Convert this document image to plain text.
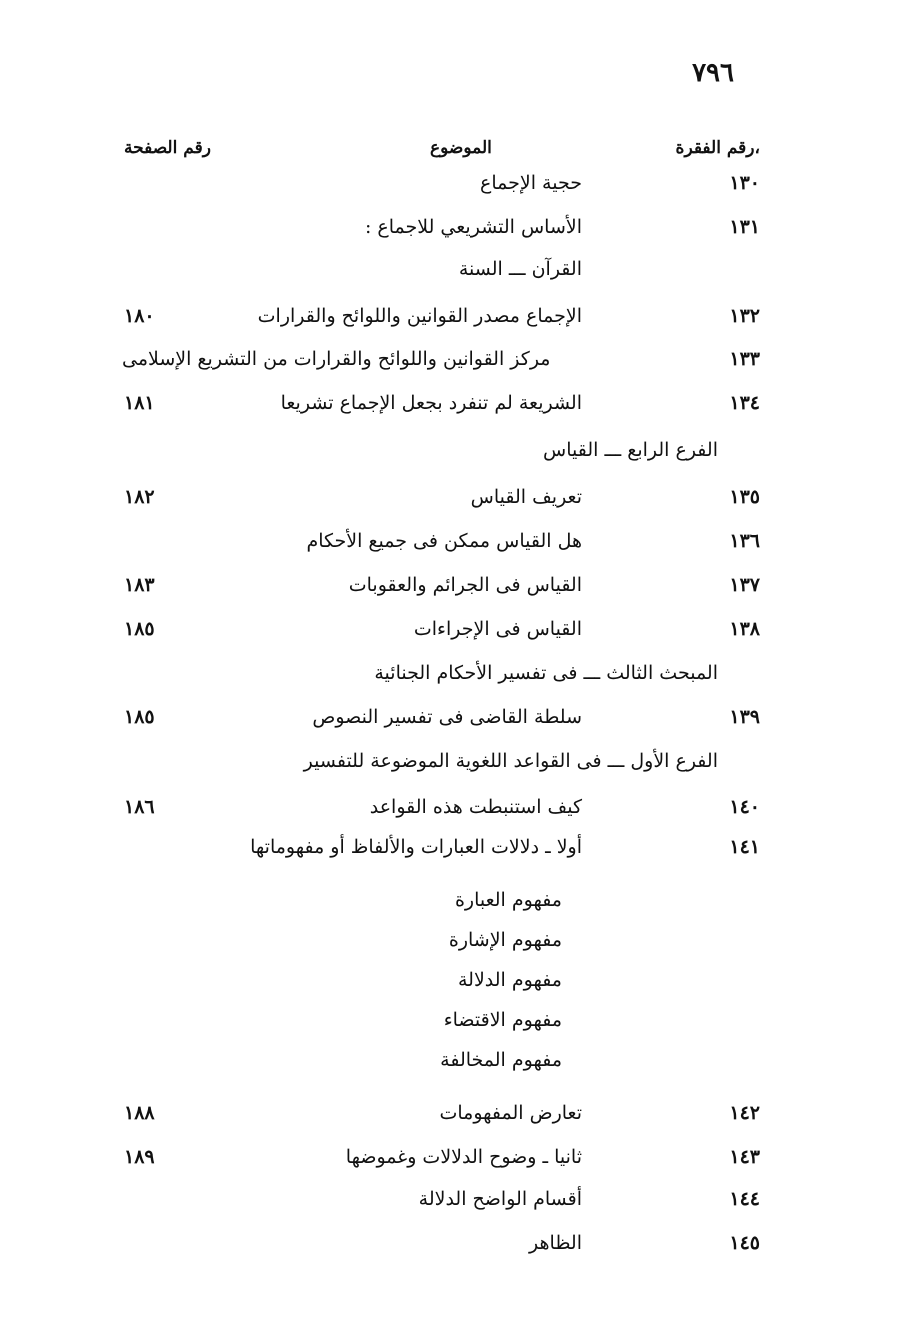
٧٩٦
،رقم الفقرة
الموضوع
رقم الصفحة
١٣٠
حجية الإجماع
١٣١
الأساس التشريعي للاجماع :
القرآن ـــ السنة
١٣٢
الإجماع مصدر القوانين واللوائح والقرارات
١٨٠
١٣٣
مركز القوانين واللوائح والقرارات من التشريع الإسلامى
١٣٤
الشريعة لم تنفرد بجعل الإجماع تشريعا
١٨١
الفرع الرابع ـــ القياس
١٣٥
تعريف القياس
١٨٢
١٣٦
هل القياس ممكن فى جميع الأحكام
١٣٧
القياس فى الجرائم والعقوبات
١٨٣
١٣٨
القياس فى الإجراءات
١٨٥
المبحث الثالث ـــ فى تفسير الأحكام الجنائية
١٣٩
سلطة القاضى فى تفسير النصوص
١٨٥
الفرع الأول ـــ فى القواعد اللغوية الموضوعة للتفسير
١٤٠
كيف استنبطت هذه القواعد
١٨٦
١٤١
أولا ـ دلالات العبارات والألفاظ أو مفهوماتها
مفهوم العبارة
مفهوم الإشارة
مفهوم الدلالة
مفهوم الاقتضاء
مفهوم المخالفة
١٤٢
تعارض المفهومات
١٨٨
١٤٣
ثانيا ـ وضوح الدلالات وغموضها
١٨٩
١٤٤
أقسام الواضح الدلالة
١٤٥
الظاهر
